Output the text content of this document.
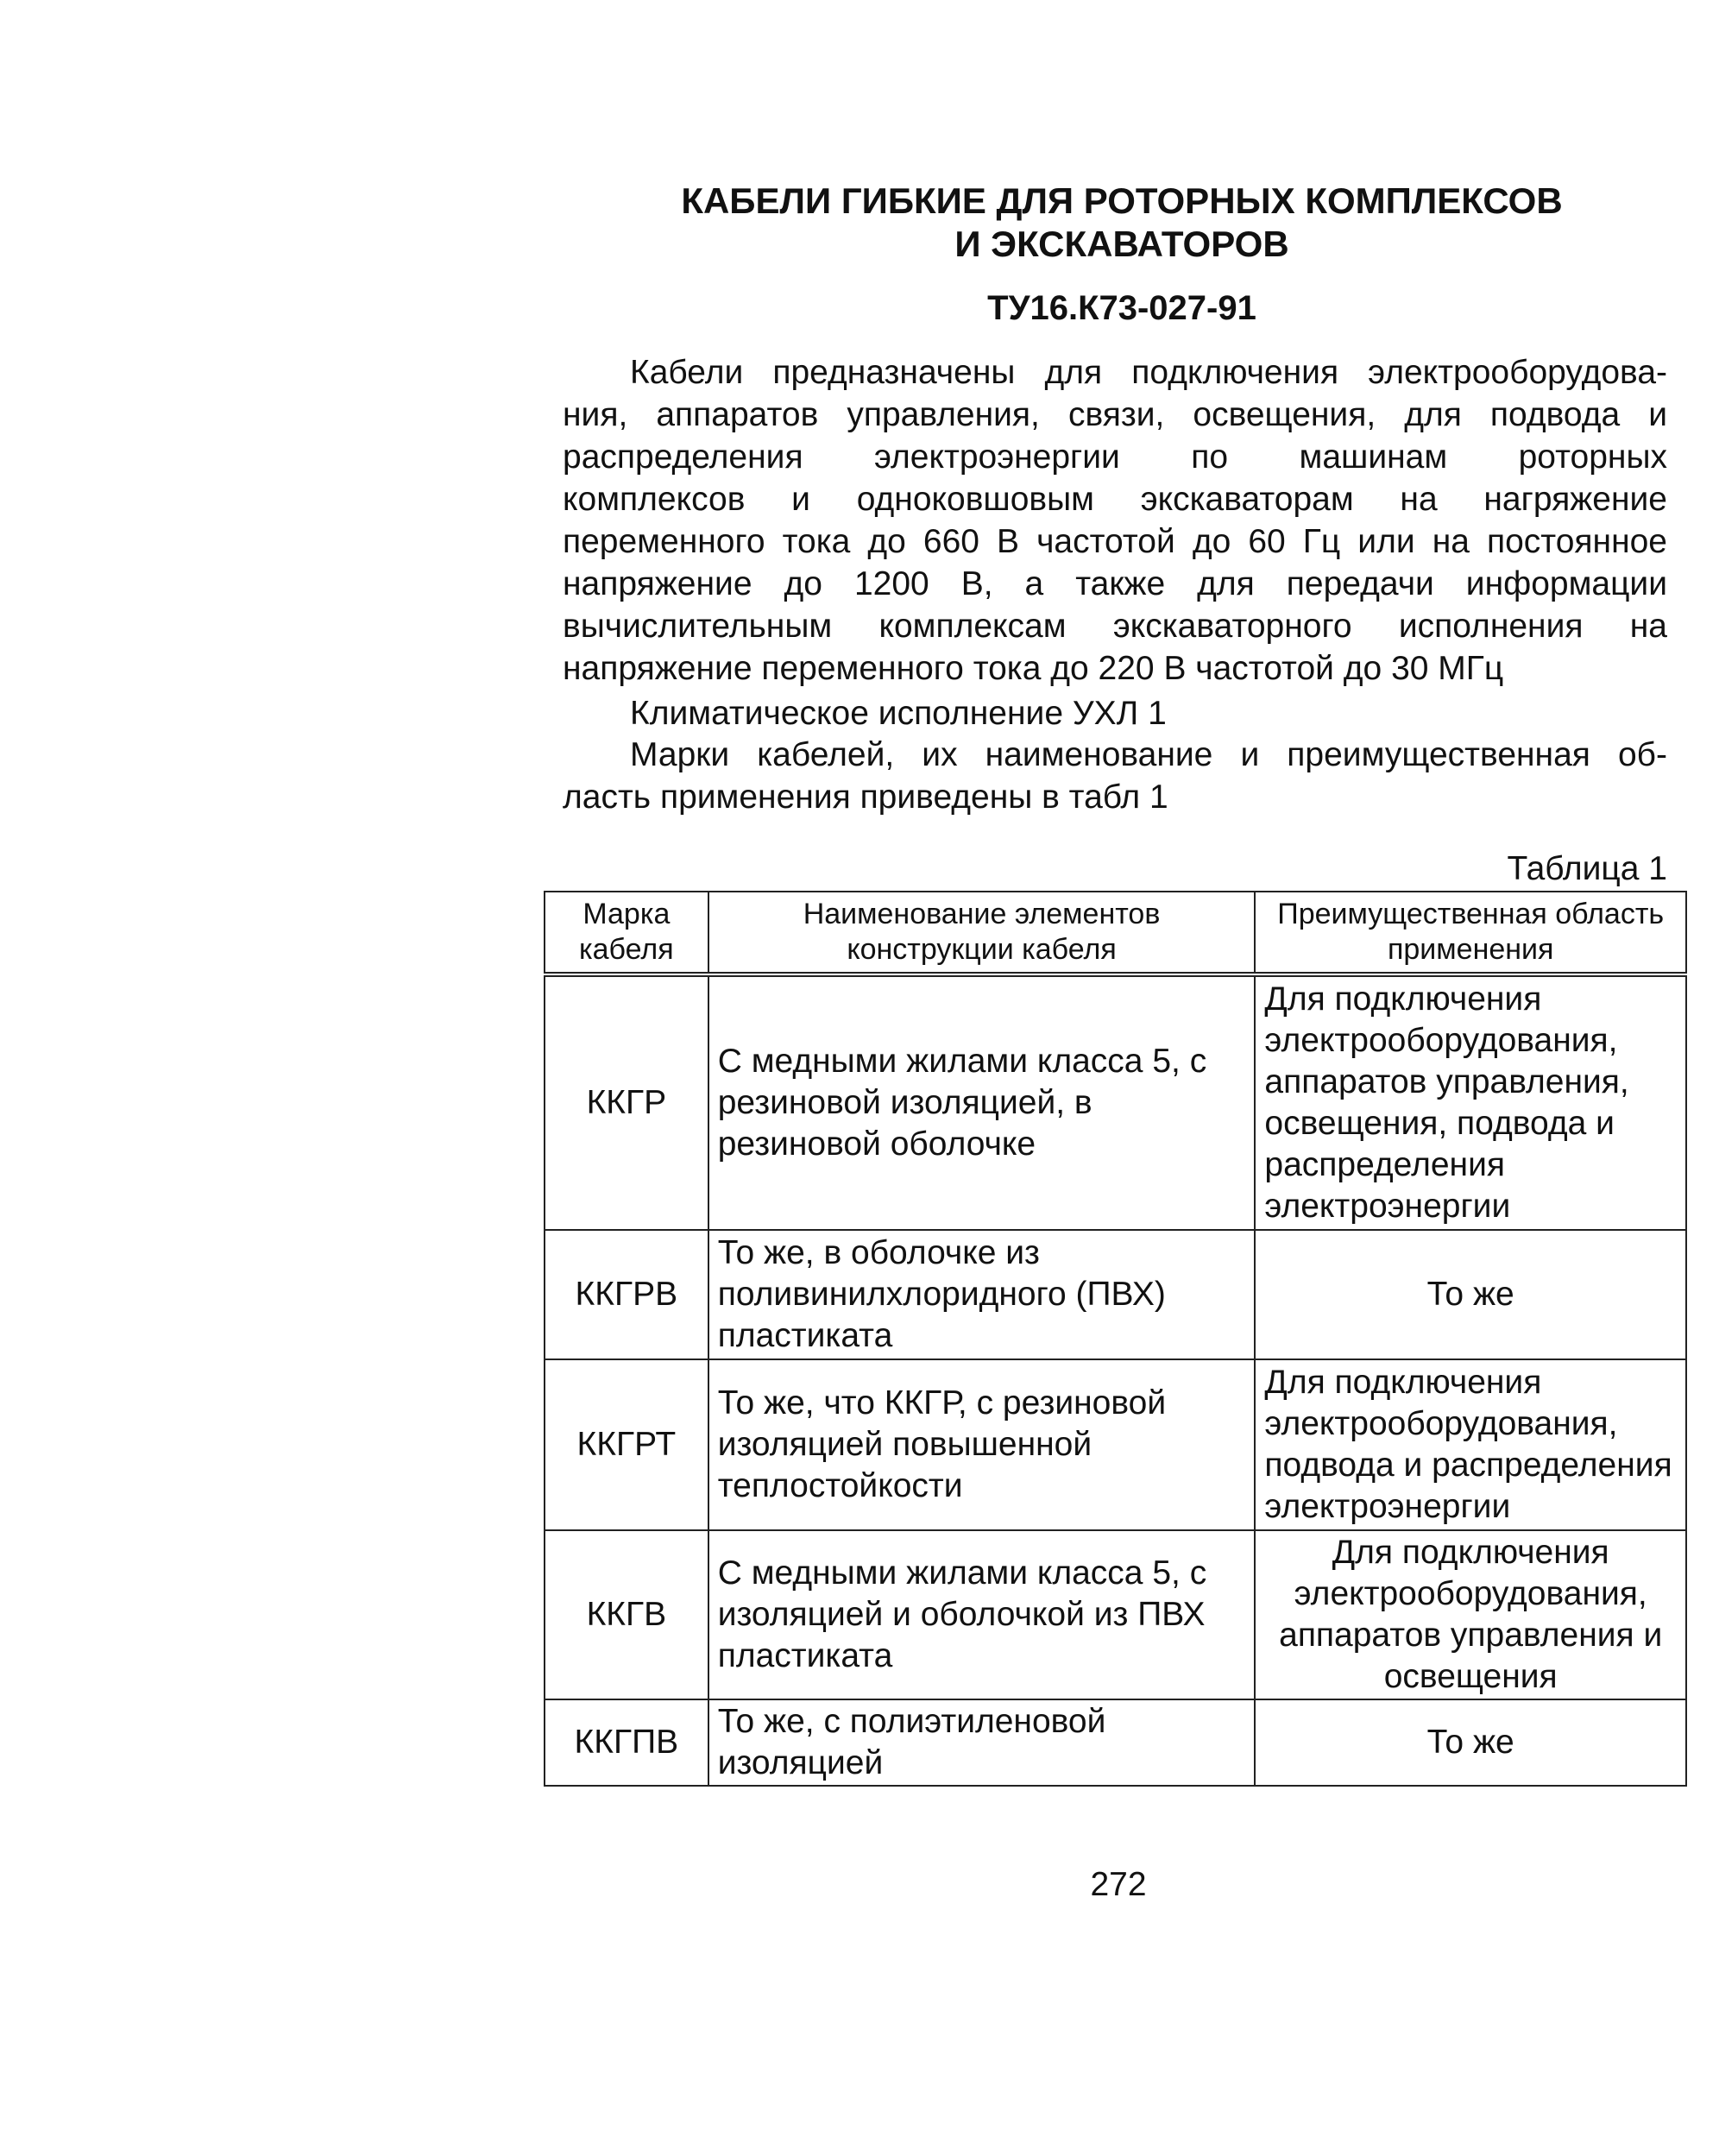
КАБЕЛИ ГИБКИЕ ДЛЯ РОТОРНЫХ КОМПЛЕКСОВ
И ЭКСКАВАТОРОВ
ТУ16.К73-027-91

Кабели предназначены для подключения электрооборудова-

ния, аппаратов управления, связи, освещения, для подвода и

распределения электроэнергии по машинам роторных

комплексов и одноковшовым экскаваторам на нагряжение

переменного тока до 660 В частотой до 60 Гц или на постоянное

напряжение до 1200 В, а также для передачи информации

вычислительным комплексам экскаваторного исполнения на

напряжение переменного тока до 220 В частотой до 30 МГц

Климатическое исполнение УХЛ 1

Марки кабелей, их наименование и преимущественная об-

ласть применения приведены в табл 1

Таблица 1
Марка кабеля	Наименование элементов конструкции кабеля	Преимущественная область применения
ККГР	С медными жилами класса 5, с резиновой изоляцией, в резиновой оболочке	Для подключения электрооборудования, аппаратов управления, освещения, подвода и распределения электроэнергии
ККГРВ	То же, в оболочке из поливинилхлоридного (ПВХ) пластиката	То же
ККГРТ	То же, что ККГР, с резиновой изоляцией повышенной теплостойкости	Для подключения электрооборудования, подвода и распределения электроэнергии
ККГВ	С медными жилами класса 5, с изоляцией и оболочкой из ПВХ пластиката	Для подключения электрооборудования, аппаратов управления и освещения
ККГПВ	То же, с полиэтиленовой изоляцией	То же
272
